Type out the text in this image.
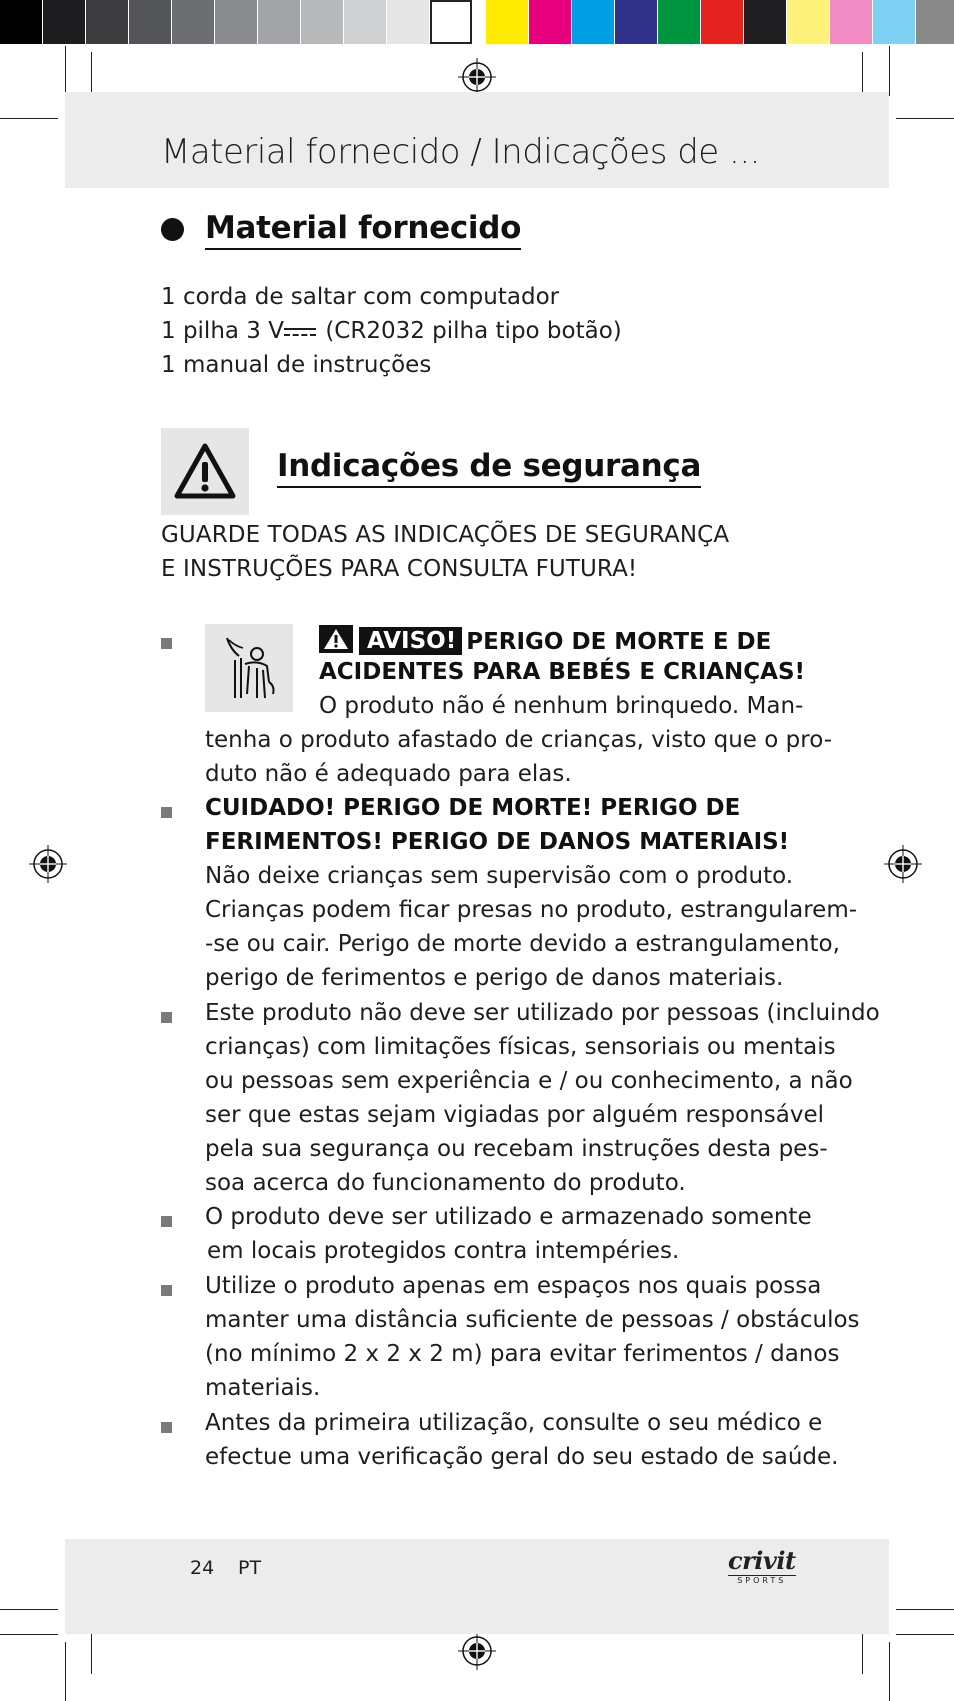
Material fornecido / Indicações de ...
Material fornecido
1 corda de saltar com computador
1 pilha 3 V (CR2032 pilha tipo botão)
1 manual de instruções
Indicações de segurança
GUARDE TODAS AS INDICAÇÕES DE SEGURANÇA
E INSTRUÇÕES PARA CONSULTA FUTURA!
AVISO! PERIGO DE MORTE E DE
ACIDENTES PARA BEBÉS E CRIANÇAS!
O produto não é nenhum brinquedo. Man-
tenha o produto afastado de crianças, visto que o pro-
duto não é adequado para elas.
CUIDADO! PERIGO DE MORTE! PERIGO DE
FERIMENTOS! PERIGO DE DANOS MATERIAIS!
Não deixe crianças sem supervisão com o produto.
Crianças podem ficar presas no produto, estrangularem-
-se ou cair. Perigo de morte devido a estrangulamento,
perigo de ferimentos e perigo de danos materiais.
Este produto não deve ser utilizado por pessoas (incluindo
crianças) com limitações físicas, sensoriais ou mentais
ou pessoas sem experiência e / ou conhecimento, a não
ser que estas sejam vigiadas por alguém responsável
pela sua segurança ou recebam instruções desta pes-
soa acerca do funcionamento do produto.
O produto deve ser utilizado e armazenado somente
em locais protegidos contra intempéries.
Utilize o produto apenas em espaços nos quais possa
manter uma distância suficiente de pessoas / obstáculos
(no mínimo 2 x 2 x 2 m) para evitar ferimentos / danos
materiais.
Antes da primeira utilização, consulte o seu médico e
efectue uma verificação geral do seu estado de saúde.
24 PT	crivit
SPORTS
